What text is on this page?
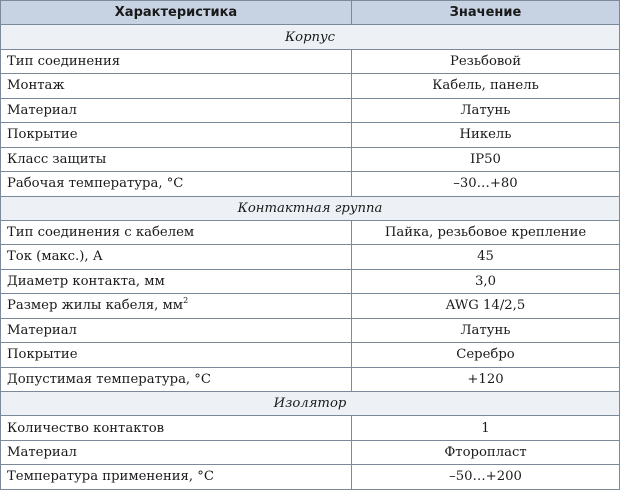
Характеристика	Значение
Корпус	
Тип соединения	Резьбовой
Монтаж	Кабель, панель
Материал	Латунь
Покрытие	Никель
Класс защиты	IP50
Рабочая температура, °С	–30…+80
Контактная группа	
Тип соединения с кабелем	Пайка, резьбовое крепление
Ток (макс.), А	45
Диаметр контакта, мм	3,0
Размер жилы кабеля, $мм^2$	AWG 14/2,5
Материал	Латунь
Покрытие	Серебро
Допустимая температура, °С	+120
Изолятор	
Количество контактов	1
Материал	Фторопласт
Температура применения, °С	–50…+200
